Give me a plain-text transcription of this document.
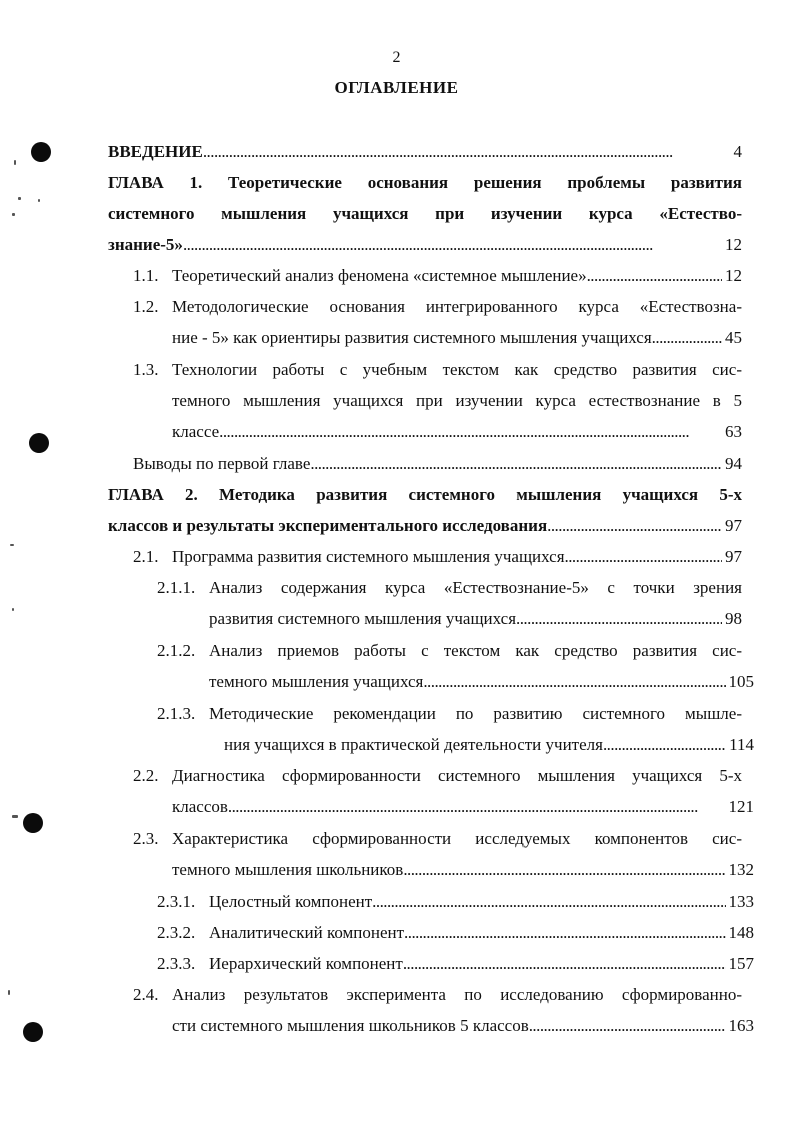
2
ОГЛАВЛЕНИЕ
ВВЕДЕНИЕ . . .	4
ГЛАВА 1. Теоретические основания решения проблемы развития
системного мышления учащихся при изучении курса «Естество-
знание-5» . . .	12
1.1. Теоретический анализ феномена «системное мышление» . . .	12
1.2. Методологические основания интегрированного курса «Естествозна-
ние - 5» как ориентиры развития системного мышления учащихся . . .	45
1.3. Технологии работы с учебным текстом как средство развития сис-
темного мышления учащихся при изучении курса естествознание в 5
классе . . .	63
Выводы по первой главе . . .	94
ГЛАВА 2. Методика развития системного мышления учащихся 5-х
классов и результаты экспериментального исследования . . .	97
2.1. Программа развития системного мышления учащихся . . .	97
2.1.1. Анализ содержания курса «Естествознание-5» с точки зрения
развития системного мышления учащихся . . .	98
2.1.2. Анализ приемов работы с текстом как средство развития сис-
темного мышления учащихся . . .	105
2.1.3. Методические рекомендации по развитию системного мышле-
ния учащихся в практической деятельности учителя . . .	114
2.2. Диагностика сформированности системного мышления учащихся 5-х
классов . . .	121
2.3. Характеристика сформированности исследуемых компонентов сис-
темного мышления школьников . . .	132
2.3.1. Целостный компонент . . .	133
2.3.2. Аналитический компонент . . .	148
2.3.3. Иерархический компонент . . .	157
2.4. Анализ результатов эксперимента по исследованию сформированно-
сти системного мышления школьников 5 классов . . .	163
